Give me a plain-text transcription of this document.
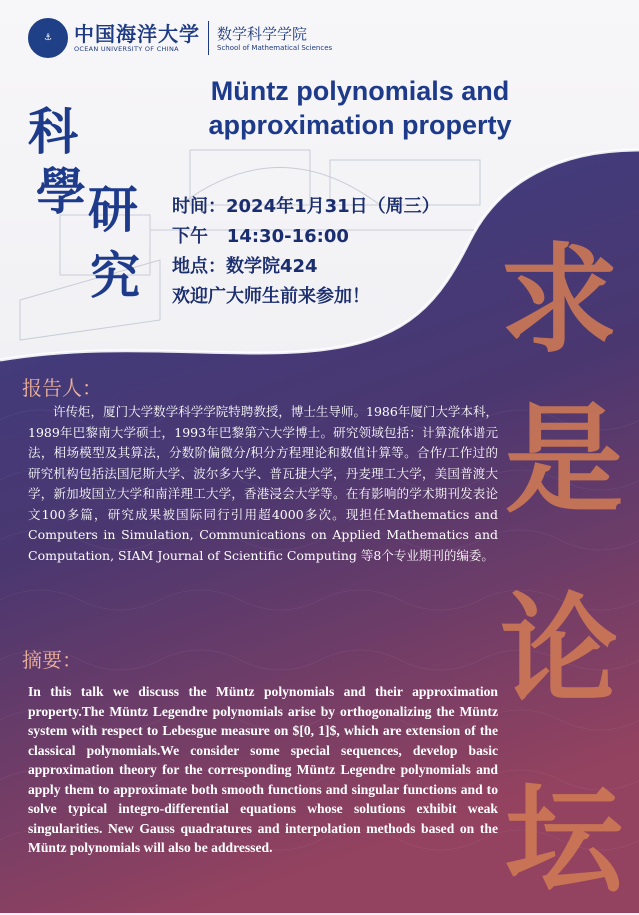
⚓	中国海洋大学
OCEAN UNIVERSITY OF CHINA
数学科学学院
School of Mathematical Sciences
Müntz polynomials and approximation property
科
學 研
究
时间：2024年1月31日（周三）
下午   14:30-16:00
地点：数学院424
欢迎广大师生前来参加！	求
是
论
坛
报告人：
许传炬，厦门大学数学科学学院特聘教授，博士生导师。1986年厦门大学本科，1989年巴黎南大学硕士，1993年巴黎第六大学博士。研究领域包括：计算流体谱元法，相场模型及其算法，分数阶偏微分/积分方程理论和数值计算等。合作/工作过的研究机构包括法国尼斯大学、波尔多大学、普瓦捷大学，丹麦理工大学，美国普渡大学，新加坡国立大学和南洋理工大学，香港浸会大学等。在有影响的学术期刊发表论文100多篇，研究成果被国际同行引用超4000多次。现担任Mathematics and Computers in Simulation, Communications on Applied Mathematics and Computation, SIAM Journal of Scientific Computing 等8个专业期刊的编委。
摘要：
In this talk we discuss the Müntz polynomials and their approximation property.The Müntz Legendre polynomials arise by orthogonalizing the Müntz system with respect to Lebesgue measure on $[0, 1]$, which are extension of the classical polynomials.We consider some special sequences, develop basic approximation theory for the corresponding Müntz Legendre polynomials and apply them to approximate both smooth functions and singular functions and to solve typical integro-differential equations whose solutions exhibit weak singularities. New Gauss quadratures and interpolation methods based on the Müntz polynomials will also be addressed.
